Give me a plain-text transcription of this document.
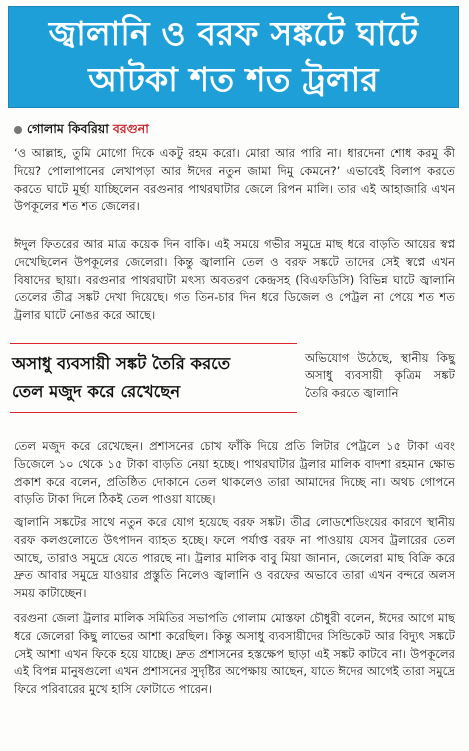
জ্বালানি ও বরফ সঙ্কটে ঘাটে
আটকা শত শত ট্রলার
গোলাম কিবরিয়া বরগুনা
‘ও আল্লাহ, তুমি মোগো দিকে একটু রহম করো। মোরা আর পারি না। ধারদেনা শোধ করমু কী দিয়ে? পোলাপানের লেখাপড়া আর ঈদের নতুন জামা দিমু কেমনে?’ এভাবেই বিলাপ করতে করতে ঘাটে মূর্ছা যাচ্ছিলেন বরগুনার পাথরঘাটার জেলে রিপন মালি। তার এই আহাজারি এখন উপকূলের শত শত জেলের।
ঈদুল ফিতরের আর মাত্র কয়েক দিন বাকি। এই সময়ে গভীর সমুদ্রে মাছ ধরে বাড়তি আয়ের স্বপ্ন দেখেছিলেন উপকূলের জেলেরা। কিন্তু জ্বালানি তেল ও বরফ সঙ্কটে তাদের সেই স্বপ্নে এখন বিষাদের ছায়া। বরগুনার পাথরঘাটা মৎস্য অবতরণ কেন্দ্রসহ (বিএফডিসি) বিভিন্ন ঘাটে জ্বালানি তেলের তীব্র সঙ্কট দেখা দিয়েছে। গত তিন-চার দিন ধরে ডিজেল ও পেট্রল না পেয়ে শত শত ট্রলার ঘাটে নোঙর করে আছে।
অসাধু ব্যবসায়ী সঙ্কট তৈরি করতে
তেল মজুদ করে রেখেছেন
অভিযোগ উঠেছে, স্থানীয় কিছু অসাধু ব্যবসায়ী কৃত্রিম সঙ্কট তৈরি করতে জ্বালানি
তেল মজুদ করে রেখেছেন। প্রশাসনের চোখ ফাঁকি দিয়ে প্রতি লিটার পেট্রলে ১৫ টাকা এবং ডিজেলে ১০ থেকে ১৫ টাকা বাড়তি নেয়া হচ্ছে। পাথরঘাটার ট্রলার মালিক বাদশা রহমান ক্ষোভ প্রকাশ করে বলেন, প্রতিষ্ঠিত দোকানে তেল থাকলেও তারা আমাদের দিচ্ছে না। অথচ গোপনে বাড়তি টাকা দিলে ঠিকই তেল পাওয়া যাচ্ছে।
জ্বালানি সঙ্কটের সাথে নতুন করে যোগ হয়েছে বরফ সঙ্কট। তীব্র লোডশেডিংয়ের কারণে স্থানীয় বরফ কলগুলোতে উৎপাদন ব্যাহত হচ্ছে। ফলে পর্যাপ্ত বরফ না পাওয়ায় যেসব ট্রলারের তেল আছে, তারাও সমুদ্রে যেতে পারছে না। ট্রলার মালিক বাবু মিয়া জানান, জেলেরা মাছ বিক্রি করে দ্রুত আবার সমুদ্রে যাওয়ার প্রস্তুতি নিলেও জ্বালানি ও বরফের অভাবে তারা এখন বন্দরে অলস সময় কাটাচ্ছেন।
বরগুনা জেলা ট্রলার মালিক সমিতির সভাপতি গোলাম মোস্তফা চৌধুরী বলেন, ঈদের আগে মাছ ধরে জেলেরা কিছু লাভের আশা করেছিল। কিন্তু অসাধু ব্যবসায়ীদের সিন্ডিকেট আর বিদ্যুৎ সঙ্কটে সেই আশা এখন ফিকে হয়ে যাচ্ছে। দ্রুত প্রশাসনের হস্তক্ষেপ ছাড়া এই সঙ্কট কাটবে না। উপকূলের এই বিপন্ন মানুষগুলো এখন প্রশাসনের সুদৃষ্টির অপেক্ষায় আছেন, যাতে ঈদের আগেই তারা সমুদ্রে ফিরে পরিবারের মুখে হাসি ফোটাতে পারেন।
